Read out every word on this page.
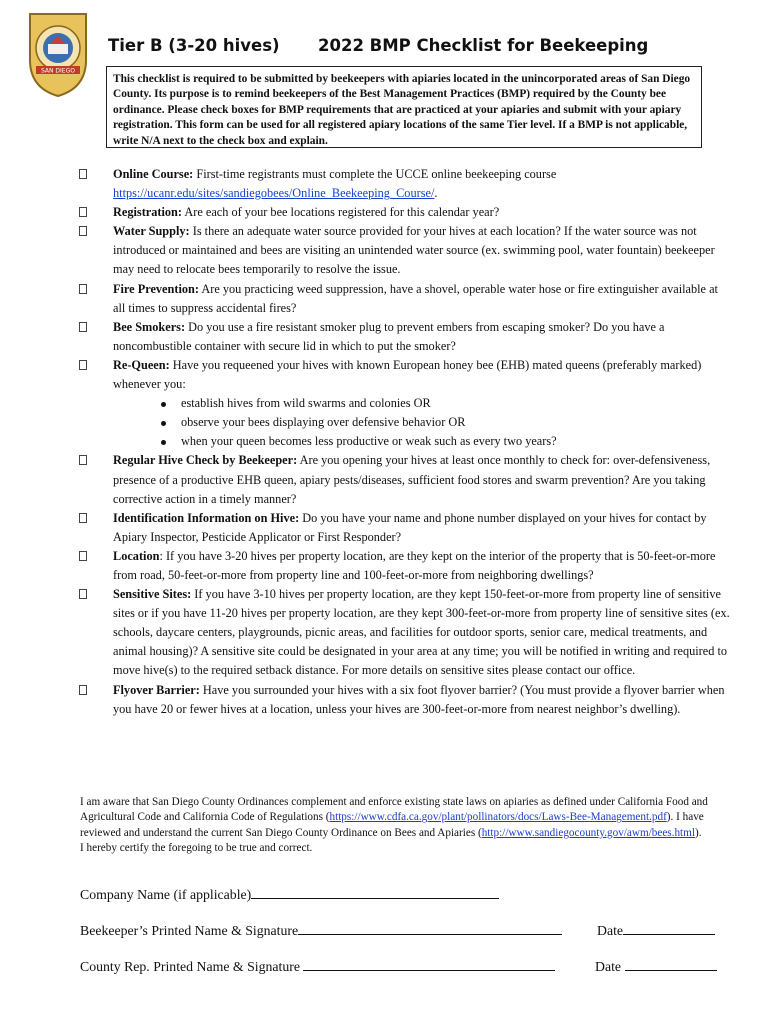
SAN DIEGO
Tier B (3-20 hives) 2022 BMP Checklist for Beekeeping
This checklist is required to be submitted by beekeepers with apiaries located in the unincorporated areas of San Diego County. Its purpose is to remind beekeepers of the Best Management Practices (BMP) required by the County bee ordinance. Please check boxes for BMP requirements that are practiced at your apiaries and submit with your apiary registration. This form can be used for all registered apiary locations of the same Tier level. If a BMP is not applicable, write N/A next to the check box and explain.
Online Course: First-time registrants must complete the UCCE online beekeeping course
https://ucanr.edu/sites/sandiegobees/Online_Beekeeping_Course/.
Registration: Are each of your bee locations registered for this calendar year?
Water Supply: Is there an adequate water source provided for your hives at each location? If the water source was not introduced or maintained and bees are visiting an unintended water source (ex. swimming pool, water fountain) beekeeper may need to relocate bees temporarily to resolve the issue.
Fire Prevention: Are you practicing weed suppression, have a shovel, operable water hose or fire extinguisher available at all times to suppress accidental fires?
Bee Smokers: Do you use a fire resistant smoker plug to prevent embers from escaping smoker? Do you have a noncombustible container with secure lid in which to put the smoker?
Re-Queen: Have you requeened your hives with known European honey bee (EHB) mated queens (preferably marked) whenever you:
establish hives from wild swarms and colonies OR
observe your bees displaying over defensive behavior OR
when your queen becomes less productive or weak such as every two years?
Regular Hive Check by Beekeeper: Are you opening your hives at least once monthly to check for: over-defensiveness, presence of a productive EHB queen, apiary pests/diseases, sufficient food stores and swarm prevention? Are you taking corrective action in a timely manner?
Identification Information on Hive: Do you have your name and phone number displayed on your hives for contact by Apiary Inspector, Pesticide Applicator or First Responder?
Location: If you have 3-20 hives per property location, are they kept on the interior of the property that is 50-feet-or-more from road, 50-feet-or-more from property line and 100-feet-or-more from neighboring dwellings?
Sensitive Sites: If you have 3-10 hives per property location, are they kept 150-feet-or-more from property line of sensitive sites or if you have 11-20 hives per property location, are they kept 300-feet-or-more from property line of sensitive sites (ex. schools, daycare centers, playgrounds, picnic areas, and facilities for outdoor sports, senior care, medical treatments, and animal housing)? A sensitive site could be designated in your area at any time; you will be notified in writing and required to move hive(s) to the required setback distance. For more details on sensitive sites please contact our office.
Flyover Barrier: Have you surrounded your hives with a six foot flyover barrier? (You must provide a flyover barrier when you have 20 or fewer hives at a location, unless your hives are 300-feet-or-more from nearest neighbor’s dwelling).
I am aware that San Diego County Ordinances complement and enforce existing state laws on apiaries as defined under California Food and Agricultural Code and California Code of Regulations (https://www.cdfa.ca.gov/plant/pollinators/docs/Laws-Bee-Management.pdf). I have reviewed and understand the current San Diego County Ordinance on Bees and Apiaries (http://www.sandiegocounty.gov/awm/bees.html).
I hereby certify the foregoing to be true and correct.
Company Name (if applicable)
Beekeeper’s Printed Name & Signature	Date
County Rep. Printed Name & Signature	Date
